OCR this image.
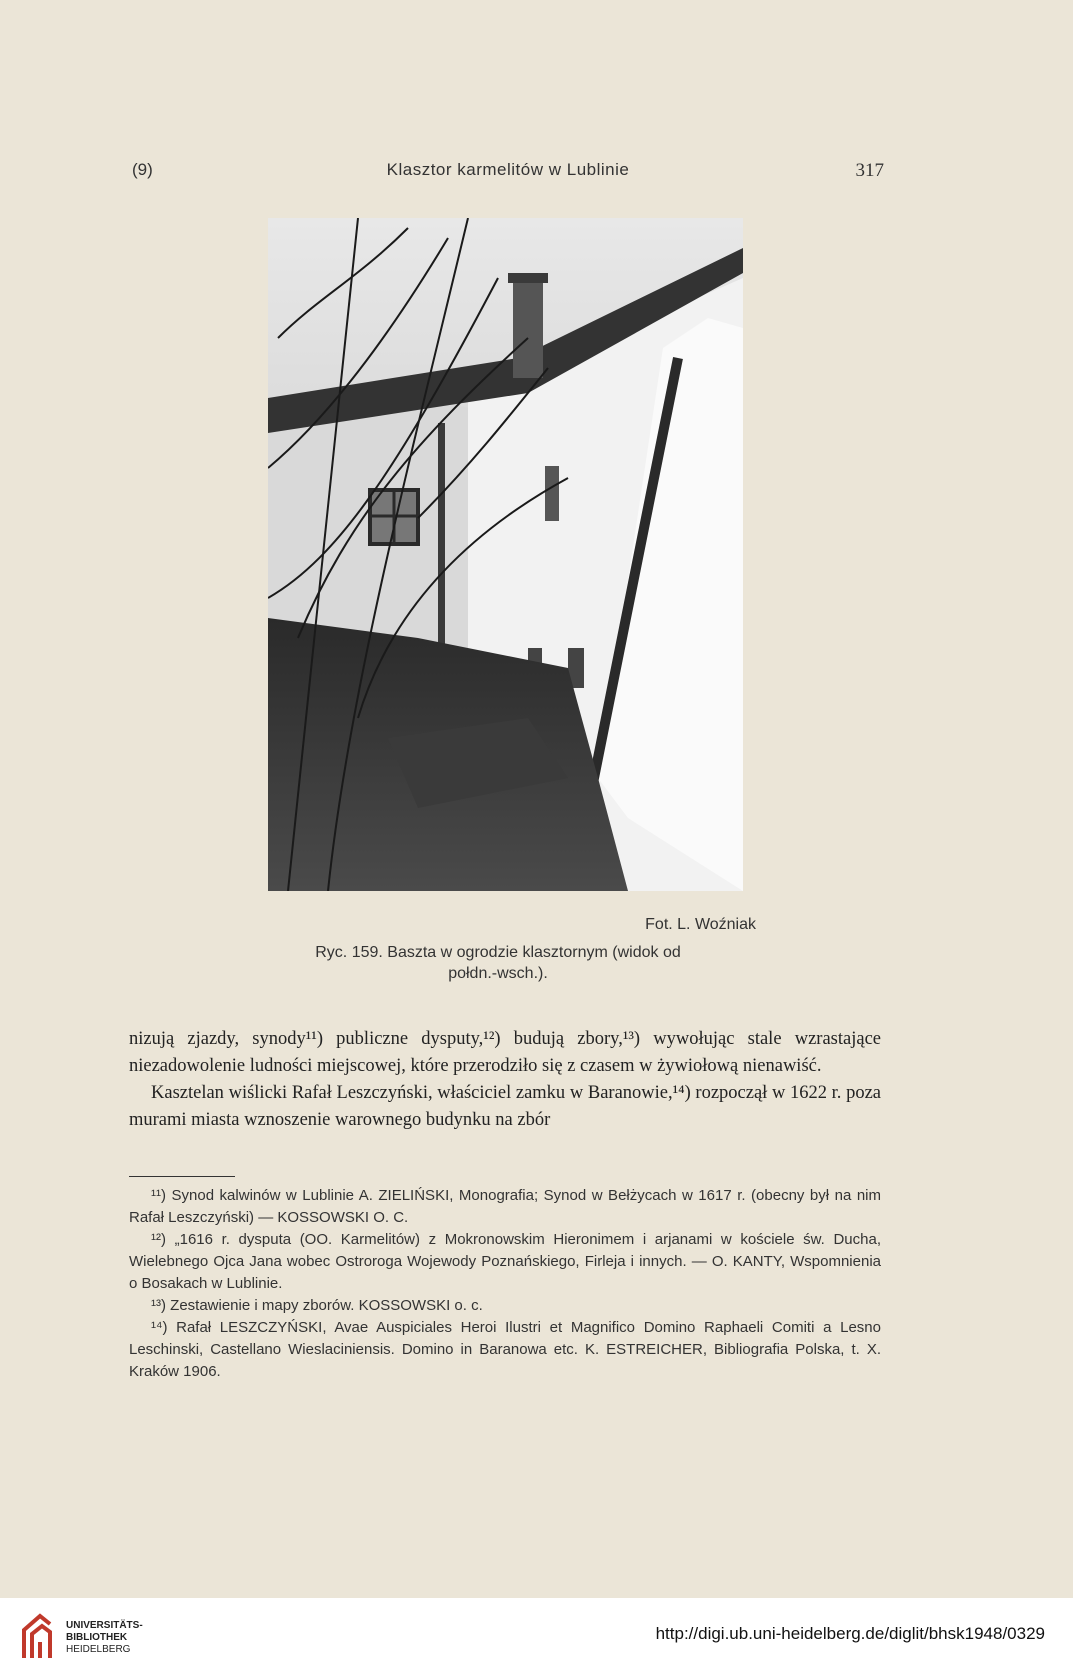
(9)	Klasztor karmelitów w Lublinie	317
Fot. L. Woźniak
Ryc. 159. Baszta w ogrodzie klasztornym (widok od
połdn.-wsch.).

nizują zjazdy, synody¹¹) publiczne dysputy,¹²) budują zbory,¹³) wywołując stale wzrastające niezadowolenie ludności miejscowej, które przerodziło się z czasem w żywiołową nienawiść.

Kasztelan wiślicki Rafał Leszczyński, właściciel zamku w Baranowie,¹⁴) rozpoczął w 1622 r. poza murami miasta wznoszenie warownego budynku na zbór

¹¹) Synod kalwinów w Lublinie A. ZIELIŃSKI, Monografia; Synod w Bełżycach w 1617 r. (obecny był na nim Rafał Leszczyński) — KOSSOWSKI O. C.

¹²) „1616 r. dysputa (OO. Karmelitów) z Mokronowskim Hieronimem i arjanami w kościele św. Ducha, Wielebnego Ojca Jana wobec Ostroroga Wojewody Poznańskiego, Firleja i innych. — O. KANTY, Wspomnienia o Bosakach w Lublinie.

¹³) Zestawienie i mapy zborów. KOSSOWSKI o. c.

¹⁴) Rafał LESZCZYŃSKI, Avae Auspiciales Heroi Ilustri et Magnifico Domino Raphaeli Comiti a Lesno Leschinski, Castellano Wieslaciniensis. Domino in Baranowa etc. K. ESTREICHER, Bibliografia Polska, t. X. Kraków 1906.

UNIVERSITÄTS-
BIBLIOTHEK
HEIDELBERG
http://digi.ub.uni-heidelberg.de/diglit/bhsk1948/0329
